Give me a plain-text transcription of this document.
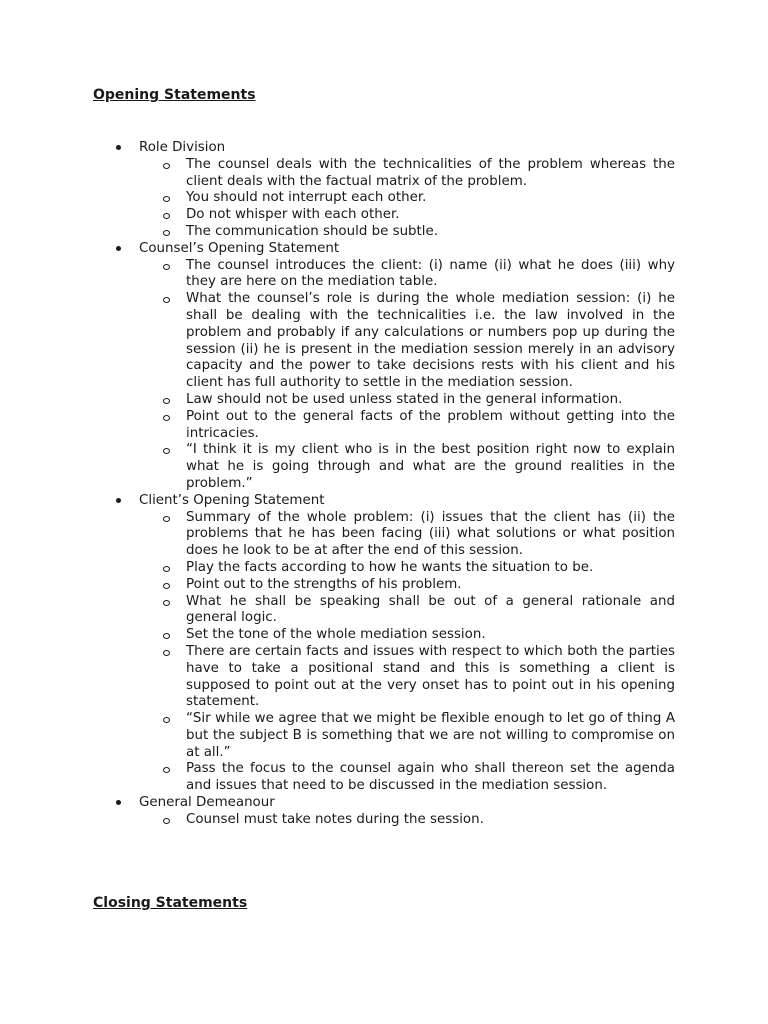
Opening Statements
Role Division
The counsel deals with the technicalities of the problem whereas the client deals with the factual matrix of the problem.
You should not interrupt each other.
Do not whisper with each other.
The communication should be subtle.
Counsel’s Opening Statement
The counsel introduces the client: (i) name (ii) what he does (iii) why they are here on the mediation table.
What the counsel’s role is during the whole mediation session: (i) he shall be dealing with the technicalities i.e. the law involved in the problem and probably if any calculations or numbers pop up during the session (ii) he is present in the mediation session merely in an advisory capacity and the power to take decisions rests with his client and his client has full authority to settle in the mediation session.
Law should not be used unless stated in the general information.
Point out to the general facts of the problem without getting into the intricacies.
“I think it is my client who is in the best position right now to explain what he is going through and what are the ground realities in the problem.”
Client’s Opening Statement
Summary of the whole problem: (i) issues that the client has (ii) the problems that he has been facing (iii) what solutions or what position does he look to be at after the end of this session.
Play the facts according to how he wants the situation to be.
Point out to the strengths of his problem.
What he shall be speaking shall be out of a general rationale and general logic.
Set the tone of the whole mediation session.
There are certain facts and issues with respect to which both the parties have to take a positional stand and this is something a client is supposed to point out at the very onset has to point out in his opening statement.
“Sir while we agree that we might be flexible enough to let go of thing A but the subject B is something that we are not willing to compromise on at all.”
Pass the focus to the counsel again who shall thereon set the agenda and issues that need to be discussed in the mediation session.
General Demeanour
Counsel must take notes during the session.
Closing Statements
